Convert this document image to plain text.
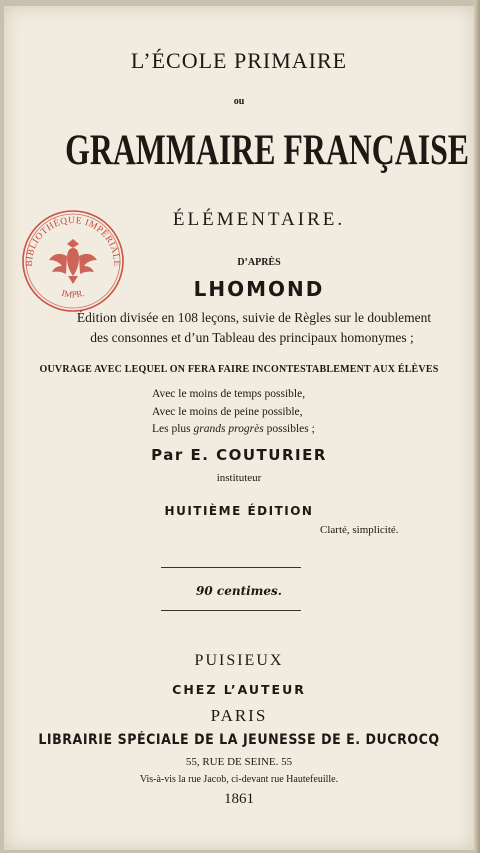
L’ÉCOLE PRIMAIRE
ou
GRAMMAIRE FRANÇAISE
ÉLÉMENTAIRE.
D’APRÈS
LHOMOND
Édition divisée en 108 leçons, suivie de Règles sur le doublement
des consonnes et d’un Tableau des principaux homonymes ;
OUVRAGE AVEC LEQUEL ON FERA FAIRE INCONTESTABLEMENT AUX ÉLÈVES
Avec le moins de temps possible,
Avec le moins de peine possible,
Les plus grands progrès possibles ;
Par E. COUTURIER
instituteur
HUITIÈME ÉDITION
Clarté, simplicité.
90 centimes.
PUISIEUX
CHEZ L’AUTEUR
PARIS
LIBRAIRIE SPÉCIALE DE LA JEUNESSE DE E. DUCROCQ
55, RUE DE SEINE. 55
Vis-à-vis la rue Jacob, ci-devant rue Hautefeuille.
1861
BIBLIOTHÈQUE IMPÉRIALE
IMPR.
